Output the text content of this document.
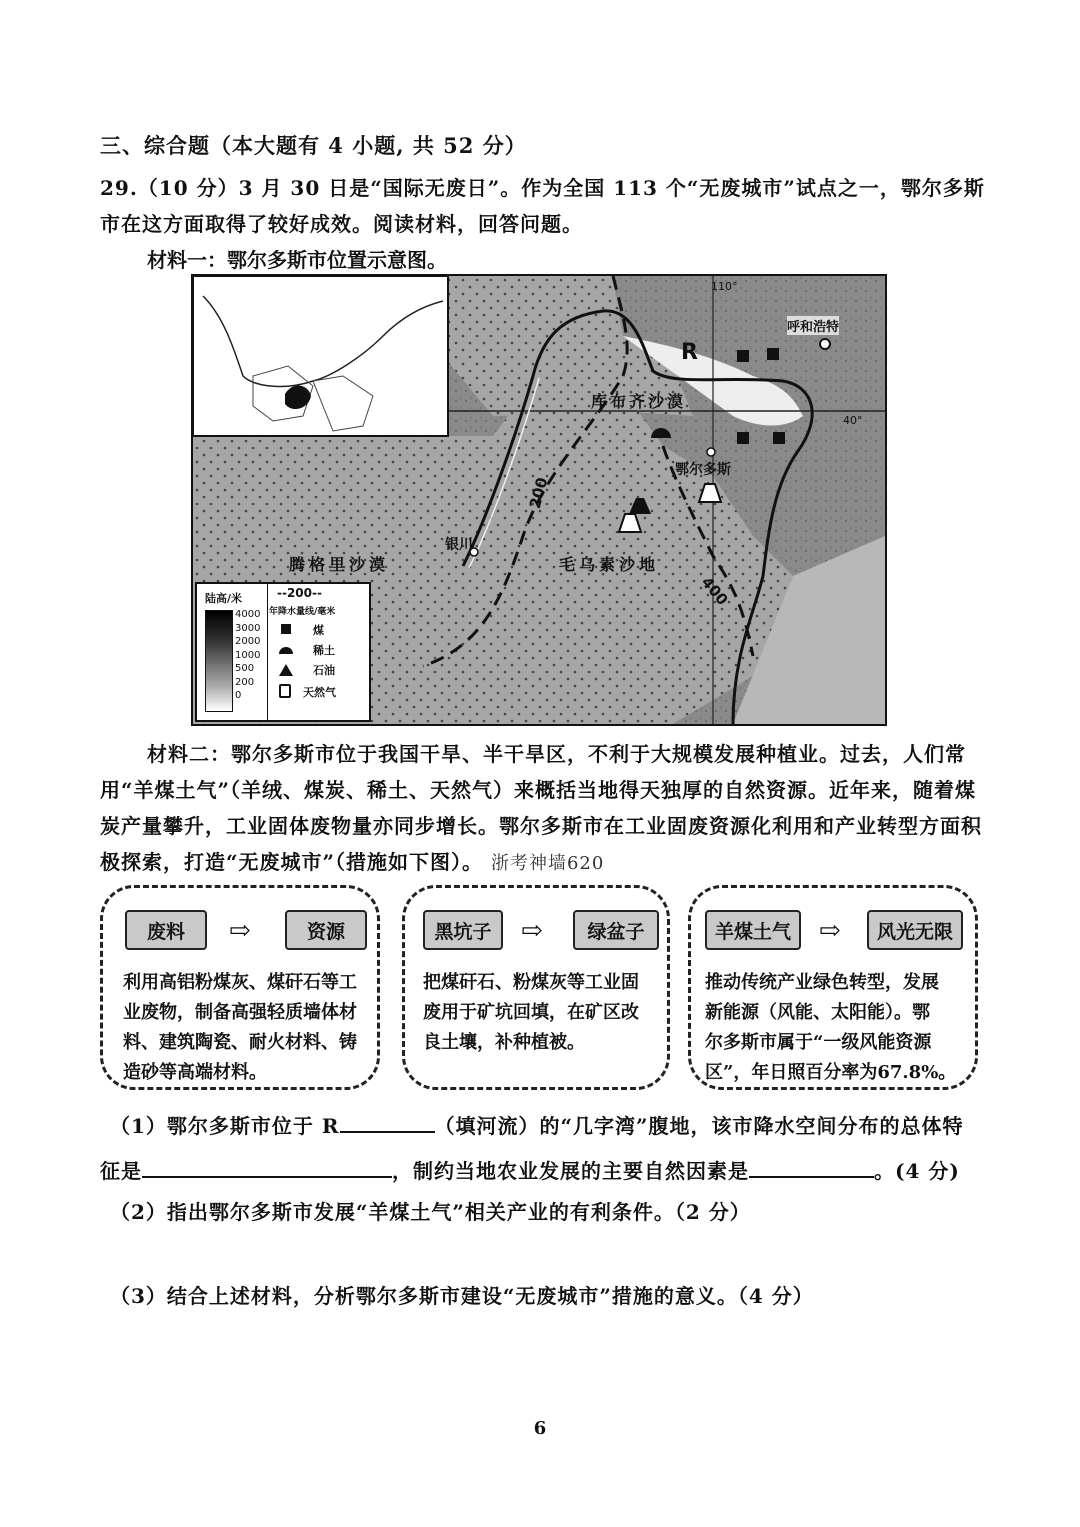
三、综合题（本大题有 4 小题, 共 52 分）
29.（10 分）3 月 30 日是“国际无废日”。作为全国 113 个“无废城市”试点之一，鄂尔多斯市在这方面取得了较好成效。阅读材料，回答问题。
材料一：鄂尔多斯市位置示意图。
R
呼和浩特
库布齐沙漠
鄂尔多斯
银川
腾格里沙漠	毛乌素沙地
110°
40°
200
400
陆高/米
4000
3000
2000
1000
500
200
0
--200--
年降水量线/毫米
煤
稀土
石油
天然气
材料二：鄂尔多斯市位于我国干旱、半干旱区，不利于大规模发展种植业。过去，人们常用“羊煤土气”（羊绒、煤炭、稀土、天然气）来概括当地得天独厚的自然资源。近年来，随着煤炭产量攀升，工业固体废物量亦同步增长。鄂尔多斯市在工业固废资源化利用和产业转型方面积极探索，打造“无废城市”（措施如下图）。 浙考神墙620
废料	⇨	资源
利用高铝粉煤灰、煤矸石等工
业废物，制备高强轻质墙体材
料、建筑陶瓷、耐火材料、铸
造砂等高端材料。
黑坑子	⇨	绿盆子
把煤矸石、粉煤灰等工业固
废用于矿坑回填，在矿区改
良土壤，补种植被。
羊煤土气	⇨	风光无限
推动传统产业绿色转型，发展
新能源（风能、太阳能）。鄂
尔多斯市属于“一级风能资源
区”，年日照百分率为67.8%。
（1）鄂尔多斯市位于 R	（填河流）的“几字湾”腹地，该市降水空间分布的总体特
征是	，制约当地农业发展的主要自然因素是	。(4 分)
（2）指出鄂尔多斯市发展“羊煤土气”相关产业的有利条件。（2 分）
（3）结合上述材料，分析鄂尔多斯市建设“无废城市”措施的意义。（4 分）
6
